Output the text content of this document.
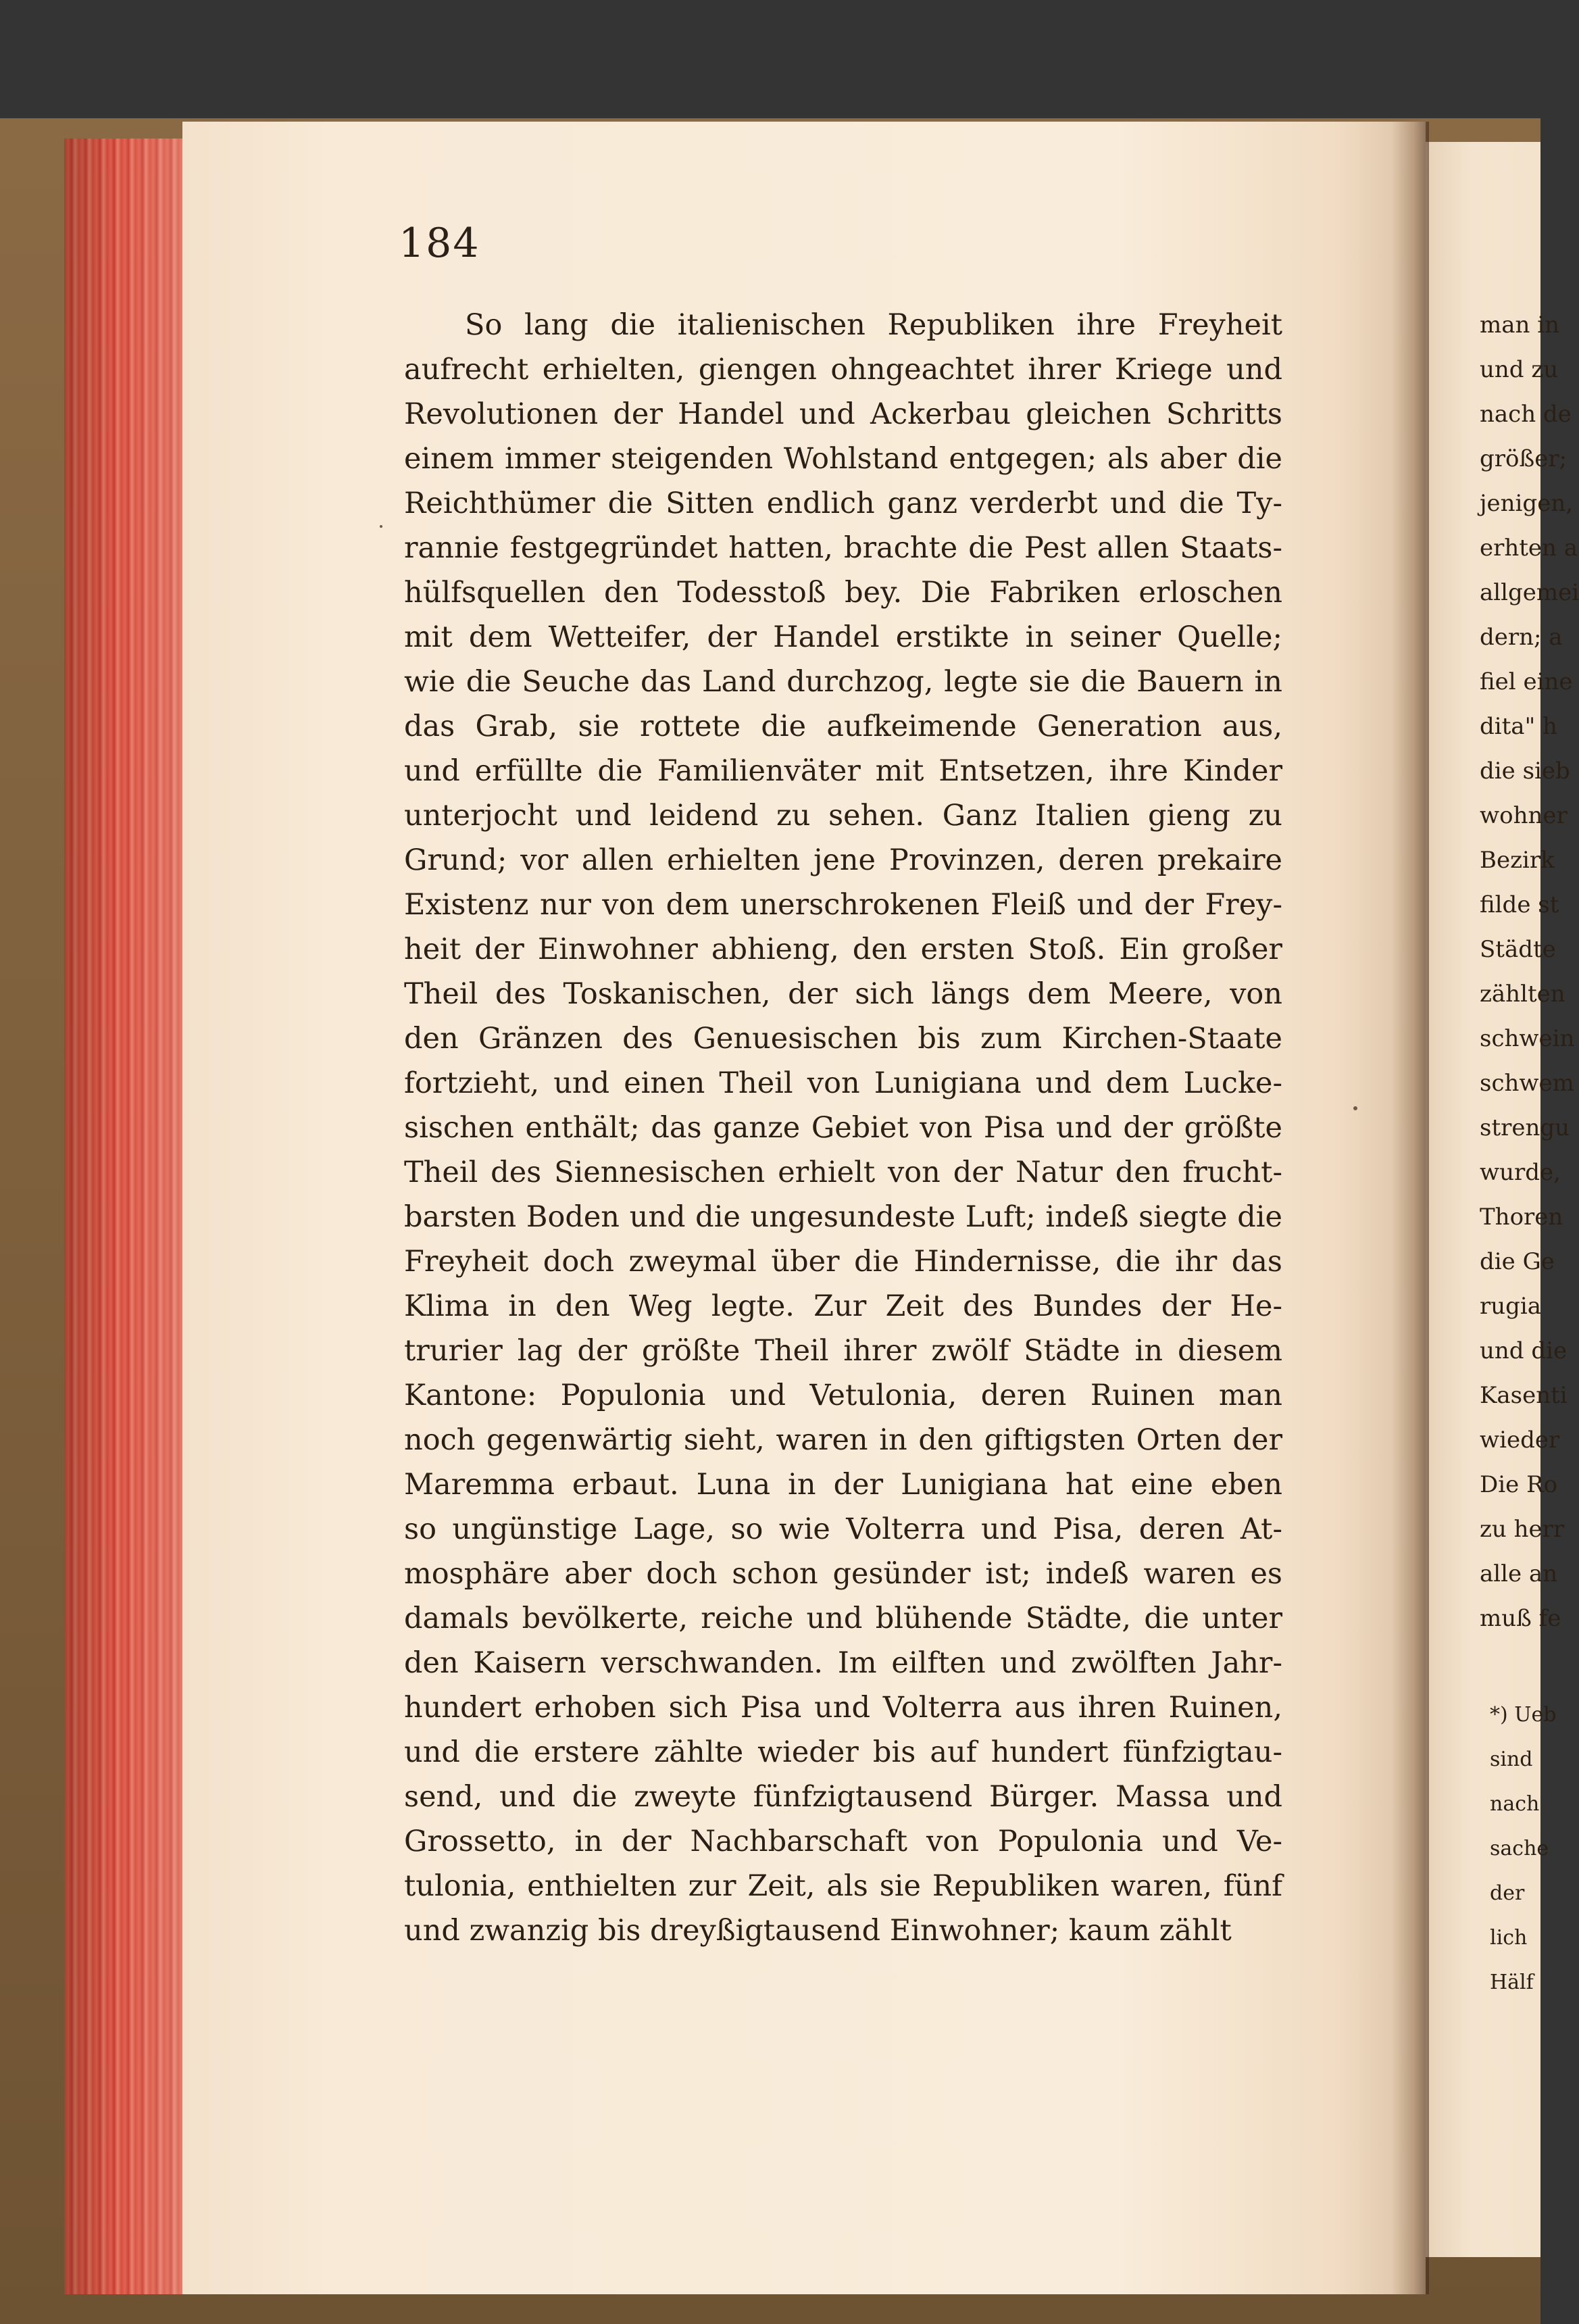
184
So lang die italienischen Republiken ihre Freyheit
aufrecht erhielten, giengen ohngeachtet ihrer Kriege und
Revolutionen der Handel und Ackerbau gleichen Schritts
einem immer steigenden Wohlstand entgegen; als aber die
Reichthümer die Sitten endlich ganz verderbt und die Ty-
rannie festgegründet hatten, brachte die Pest allen Staats-
hülfsquellen den Todesstoß bey. Die Fabriken erloschen
mit dem Wetteifer, der Handel erstikte in seiner Quelle;
wie die Seuche das Land durchzog, legte sie die Bauern in
das Grab, sie rottete die aufkeimende Generation aus,
und erfüllte die Familienväter mit Entsetzen, ihre Kinder
unterjocht und leidend zu sehen. Ganz Italien gieng zu
Grund; vor allen erhielten jene Provinzen, deren prekaire
Existenz nur von dem unerschrokenen Fleiß und der Frey-
heit der Einwohner abhieng, den ersten Stoß. Ein großer
Theil des Toskanischen, der sich längs dem Meere, von
den Gränzen des Genuesischen bis zum Kirchen-Staate
fortzieht, und einen Theil von Lunigiana und dem Lucke-
sischen enthält; das ganze Gebiet von Pisa und der größte
Theil des Siennesischen erhielt von der Natur den frucht-
barsten Boden und die ungesundeste Luft; indeß siegte die
Freyheit doch zweymal über die Hindernisse, die ihr das
Klima in den Weg legte. Zur Zeit des Bundes der He-
trurier lag der größte Theil ihrer zwölf Städte in diesem
Kantone: Populonia und Vetulonia, deren Ruinen man
noch gegenwärtig sieht, waren in den giftigsten Orten der
Maremma erbaut. Luna in der Lunigiana hat eine eben
so ungünstige Lage, so wie Volterra und Pisa, deren At-
mosphäre aber doch schon gesünder ist; indeß waren es
damals bevölkerte, reiche und blühende Städte, die unter
den Kaisern verschwanden. Im eilften und zwölften Jahr-
hundert erhoben sich Pisa und Volterra aus ihren Ruinen,
und die erstere zählte wieder bis auf hundert fünfzigtau-
send, und die zweyte fünfzigtausend Bürger. Massa und
Grossetto, in der Nachbarschaft von Populonia und Ve-
tulonia, enthielten zur Zeit, als sie Republiken waren, fünf
und zwanzig bis dreyßigtausend Einwohner; kaum zählt
man in
und zu
nach de
größer;
jenigen,
erhten a
allgemei
dern; a
fiel eine
dita" h
die sieb
wohner
Bezirk
filde st
Städte
zählten
schwein
schwem
strengu
wurde,
Thoren
die Ge
rugia
und die
Kasenti
wieder
Die Ro
zu herr
alle an
muß fe
*) Ueb
sind
nach
sache
der
lich
Hälf
